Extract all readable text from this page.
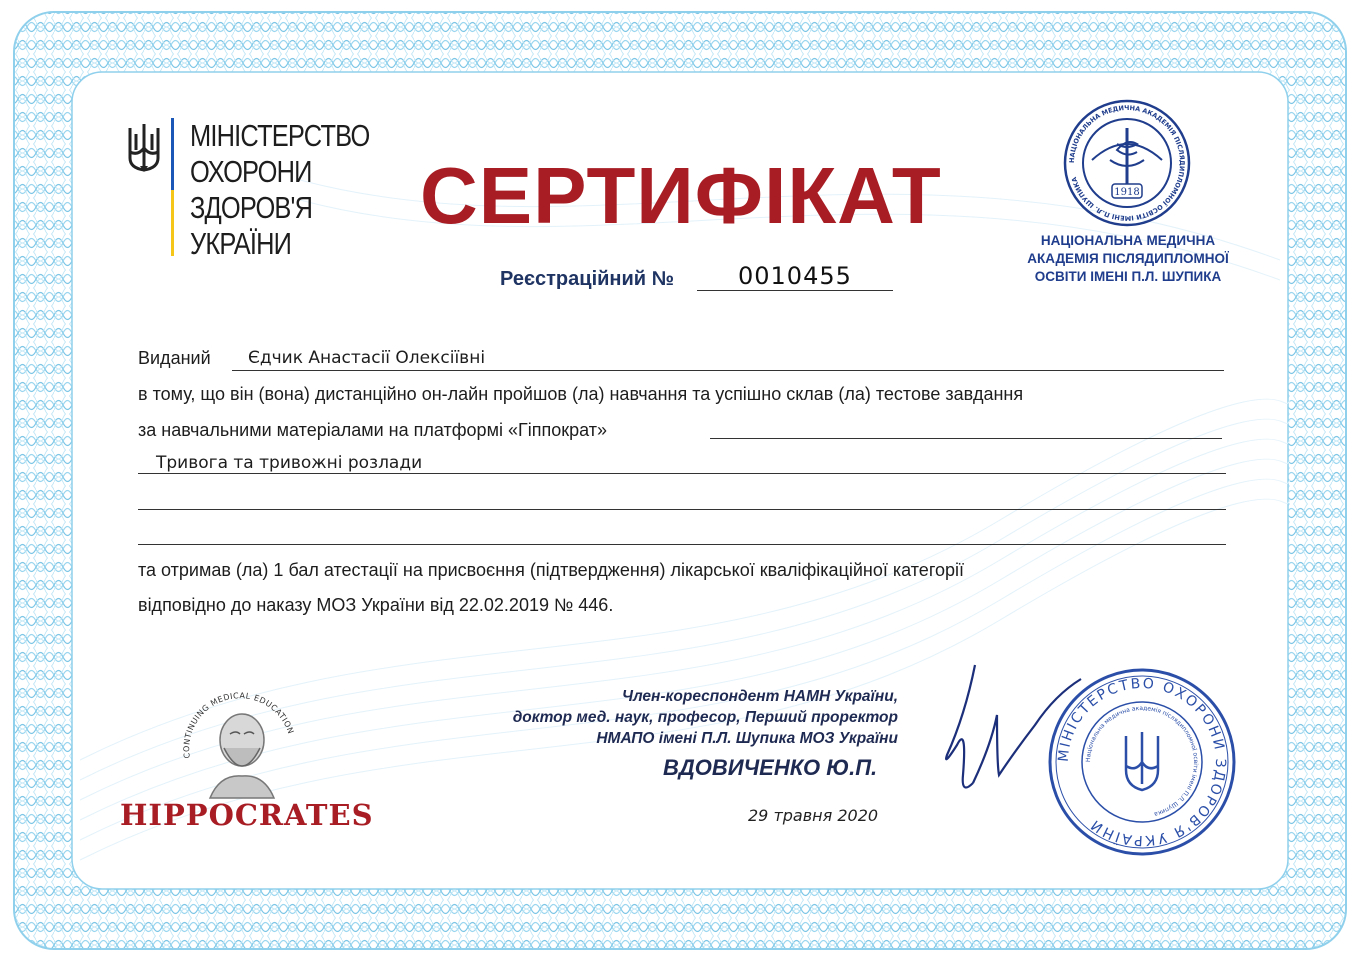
МІНІСТЕРСТВО
ОХОРОНИ
ЗДОРОВ'Я
УКРАЇНИ
СЕРТИФІКАТ
Реєстраційний №	0010455
НАЦІОНАЛЬНА МЕДИЧНА АКАДЕМІЯ ПІСЛЯДИПЛОМНОЇ ОСВІТИ ІМЕНІ П.Л. ШУПИКА
1918
НАЦІОНАЛЬНА МЕДИЧНА
АКАДЕМІЯ ПІСЛЯДИПЛОМНОЇ
ОСВІТИ ІМЕНІ П.Л. ШУПИКА
Виданий Єдчик Анастасії Олексіївні
в тому, що він (вона) дистанційно он-лайн пройшов (ла) навчання та успішно склав (ла) тестове завдання
за навчальними матеріалами на платформі «Гіппократ»
Тривога та тривожні розлади
та отримав (ла) 1 бал атестації на присвоєння (підтвердження) лікарської кваліфікаційної категорії
відповідно до наказу МОЗ України від 22.02.2019 № 446.
CONTINUING MEDICAL EDUCATION
HIPPOCRATES
Член-кореспондент НАМН України,
доктор мед. наук, професор, Перший проректор
НМАПО імені П.Л. Шупика МОЗ України
ВДОВИЧЕНКО Ю.П.
29 травня 2020
МІНІСТЕРСТВО ОХОРОНИ ЗДОРОВ'Я УКРАЇНИ
Національна медична академія післядипломної освіти імені П.Л. Шупика
